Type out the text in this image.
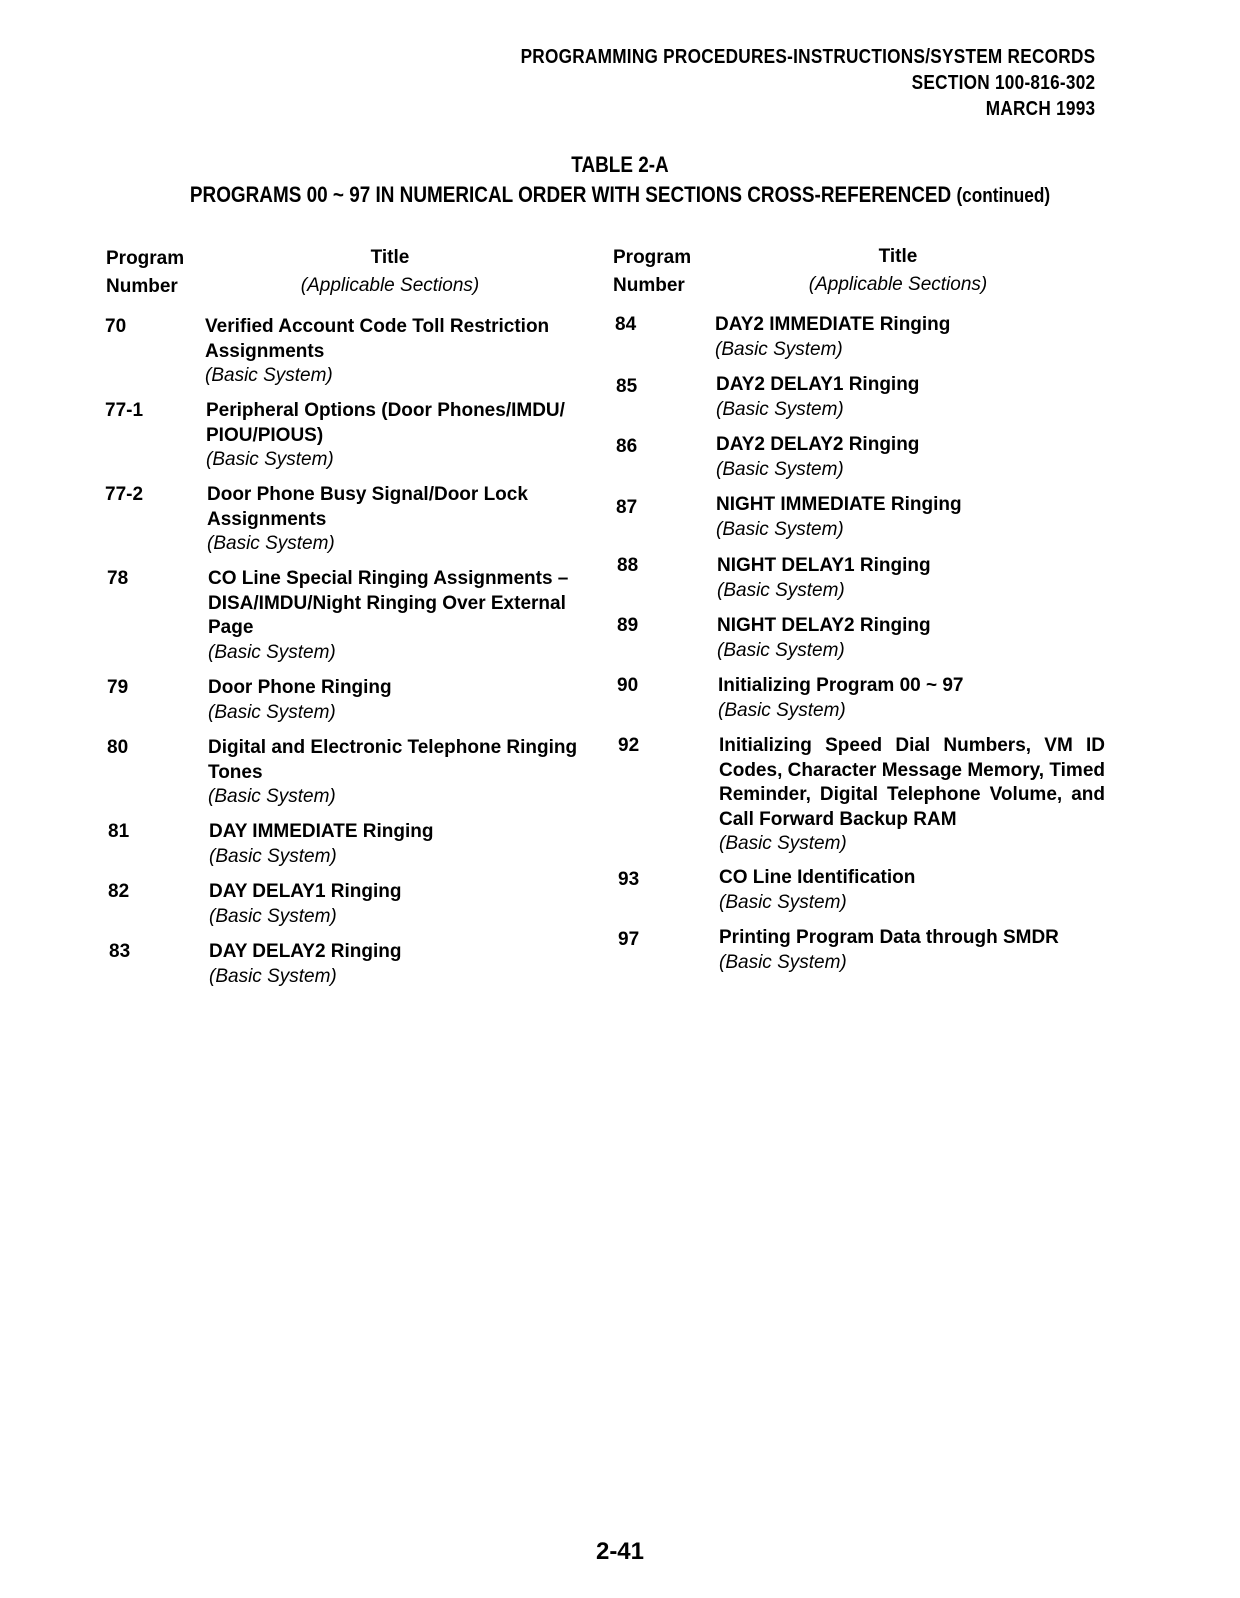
PROGRAMMING PROCEDURES-INSTRUCTIONS/SYSTEM RECORDS
SECTION 100-816-302
MARCH 1993
TABLE 2-A
PROGRAMS 00 ~ 97 IN NUMERICAL ORDER WITH SECTIONS CROSS-REFERENCED (continued)
Program
Number
Title
(Applicable Sections)
Program
Number
Title
(Applicable Sections)
70	Verified Account Code Toll Restriction Assignments
(Basic System)
77-1	Peripheral Options (Door Phones/IMDU/ PIOU/PIOUS)
(Basic System)
77-2	Door Phone Busy Signal/Door Lock Assignments
(Basic System)
78	CO Line Special Ringing Assignments – DISA/IMDU/Night Ringing Over External Page
(Basic System)
79	Door Phone Ringing
(Basic System)
80	Digital and Electronic Telephone Ringing Tones
(Basic System)
81	DAY IMMEDIATE Ringing
(Basic System)
82	DAY DELAY1 Ringing
(Basic System)
83	DAY DELAY2 Ringing
(Basic System)
84	DAY2 IMMEDIATE Ringing
(Basic System)
85	DAY2 DELAY1 Ringing
(Basic System)
86	DAY2 DELAY2 Ringing
(Basic System)
87	NIGHT IMMEDIATE Ringing
(Basic System)
88	NIGHT DELAY1 Ringing
(Basic System)
89	NIGHT DELAY2 Ringing
(Basic System)
90	Initializing Program 00 ~ 97
(Basic System)
92	Initializing Speed Dial Numbers, VM ID Codes, Character Message Memory, Timed Reminder, Digital Telephone Volume, and Call Forward Backup RAM
(Basic System)
93	CO Line Identification
(Basic System)
97	Printing Program Data through SMDR
(Basic System)
2-41
